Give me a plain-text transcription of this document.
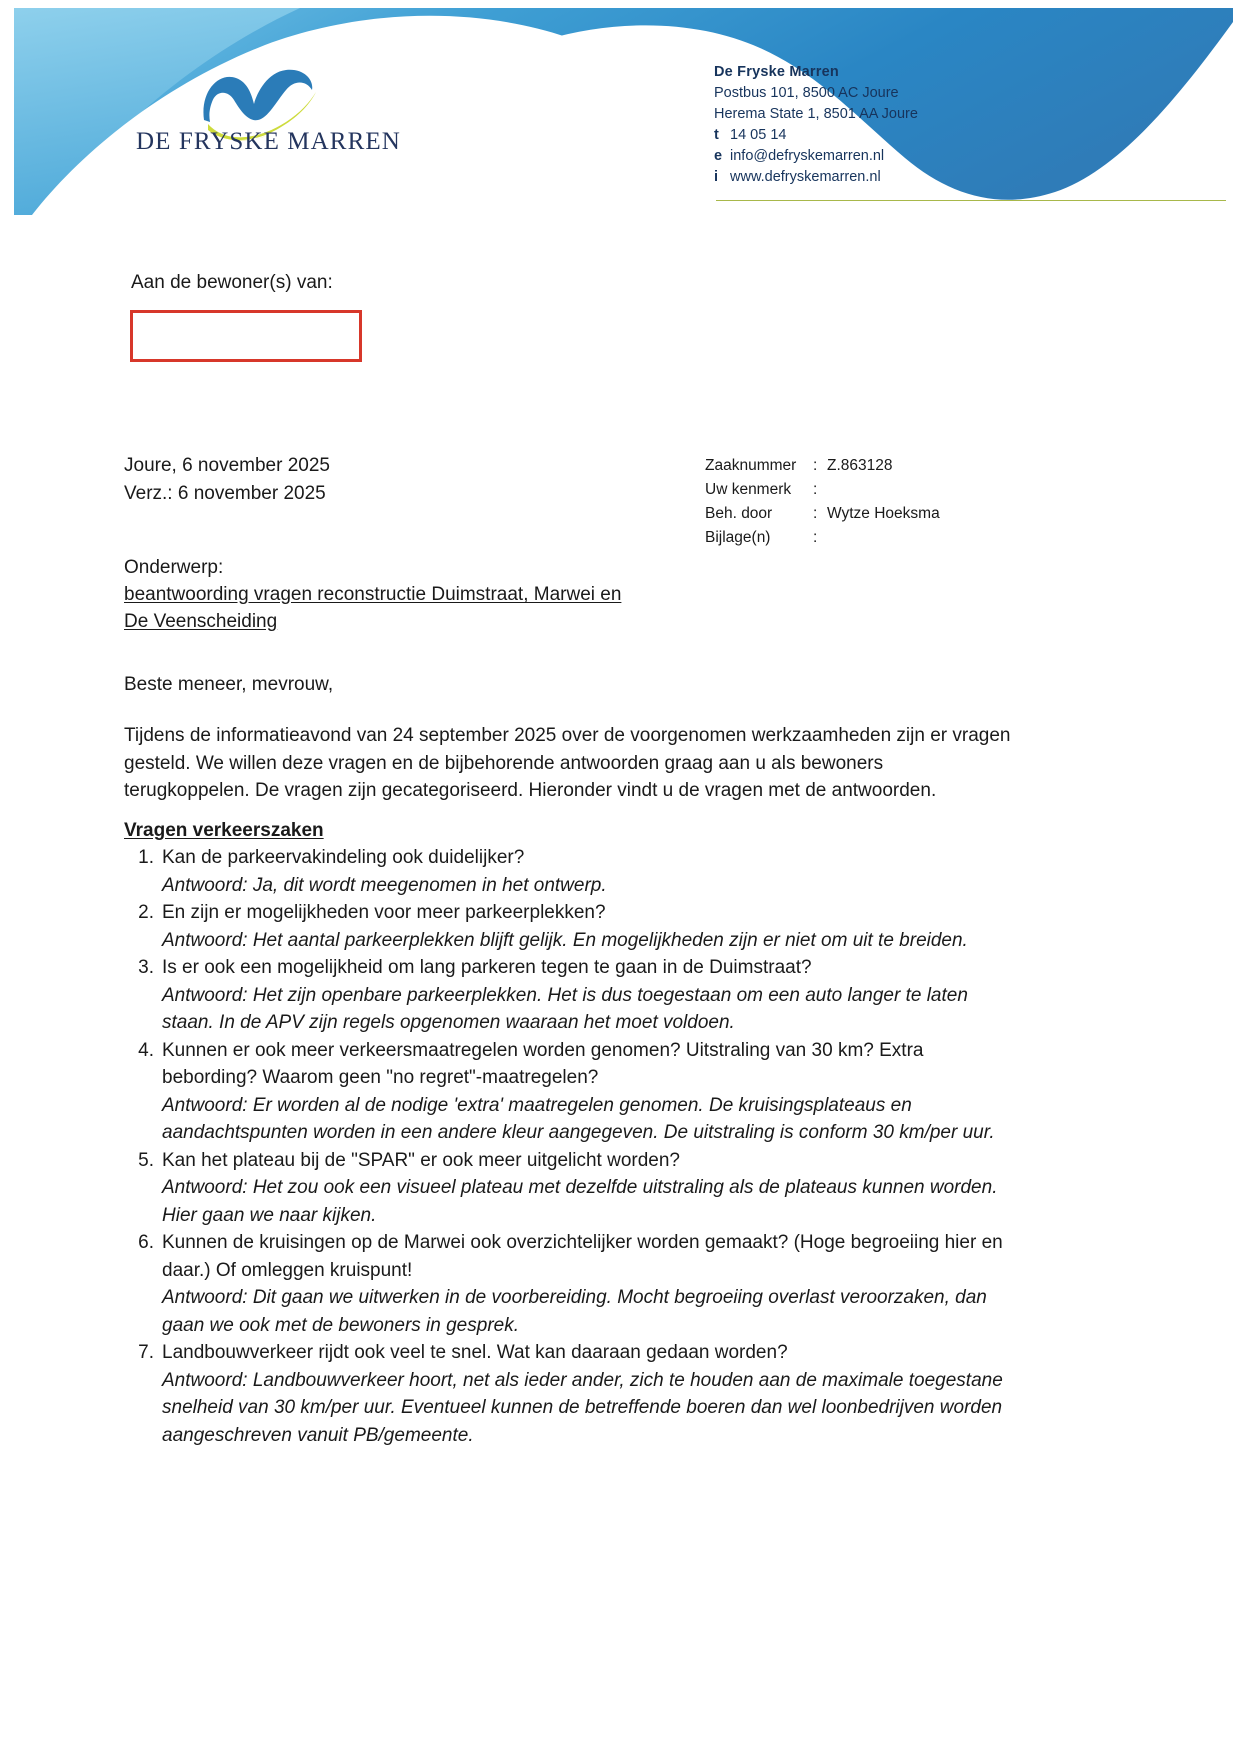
DE FRYSKE MARREN
De Fryske Marren
Postbus 101, 8500 AC Joure
Herema State 1, 8501 AA Joure
t 14 05 14
e info@defryskemarren.nl
i www.defryskemarren.nl
Aan de bewoner(s) van:
Joure, 6 november 2025
Verz.: 6 november 2025
Zaaknummer	: Z.863128
Uw kenmerk	:
Beh. door	: Wytze Hoeksma
Bijlage(n)	:
Onderwerp:
beantwoording vragen reconstructie Duimstraat, Marwei en
De Veenscheiding
Beste meneer, mevrouw,
Tijdens de informatieavond van 24 september 2025 over de voorgenomen werkzaamheden zijn er vragen gesteld. We willen deze vragen en de bijbehorende antwoorden graag aan u als bewoners terugkoppelen. De vragen zijn gecategoriseerd. Hieronder vindt u de vragen met de antwoorden.
Vragen verkeerszaken
1. Kan de parkeervakindeling ook duidelijker?
Antwoord: Ja, dit wordt meegenomen in het ontwerp.
2. En zijn er mogelijkheden voor meer parkeerplekken?
Antwoord: Het aantal parkeerplekken blijft gelijk. En mogelijkheden zijn er niet om uit te breiden.
3. Is er ook een mogelijkheid om lang parkeren tegen te gaan in de Duimstraat?
Antwoord: Het zijn openbare parkeerplekken. Het is dus toegestaan om een auto langer te laten staan. In de APV zijn regels opgenomen waaraan het moet voldoen.
4. Kunnen er ook meer verkeersmaatregelen worden genomen? Uitstraling van 30 km? Extra bebording? Waarom geen "no regret"-maatregelen?
Antwoord: Er worden al de nodige 'extra' maatregelen genomen. De kruisingsplateaus en aandachtspunten worden in een andere kleur aangegeven. De uitstraling is conform 30 km/per uur.
5. Kan het plateau bij de "SPAR" er ook meer uitgelicht worden?
Antwoord: Het zou ook een visueel plateau met dezelfde uitstraling als de plateaus kunnen worden. Hier gaan we naar kijken.
6. Kunnen de kruisingen op de Marwei ook overzichtelijker worden gemaakt? (Hoge begroeiing hier en daar.) Of omleggen kruispunt!
Antwoord: Dit gaan we uitwerken in de voorbereiding. Mocht begroeiing overlast veroorzaken, dan gaan we ook met de bewoners in gesprek.
7. Landbouwverkeer rijdt ook veel te snel. Wat kan daaraan gedaan worden?
Antwoord: Landbouwverkeer hoort, net als ieder ander, zich te houden aan de maximale toegestane snelheid van 30 km/per uur. Eventueel kunnen de betreffende boeren dan wel loonbedrijven worden aangeschreven vanuit PB/gemeente.
